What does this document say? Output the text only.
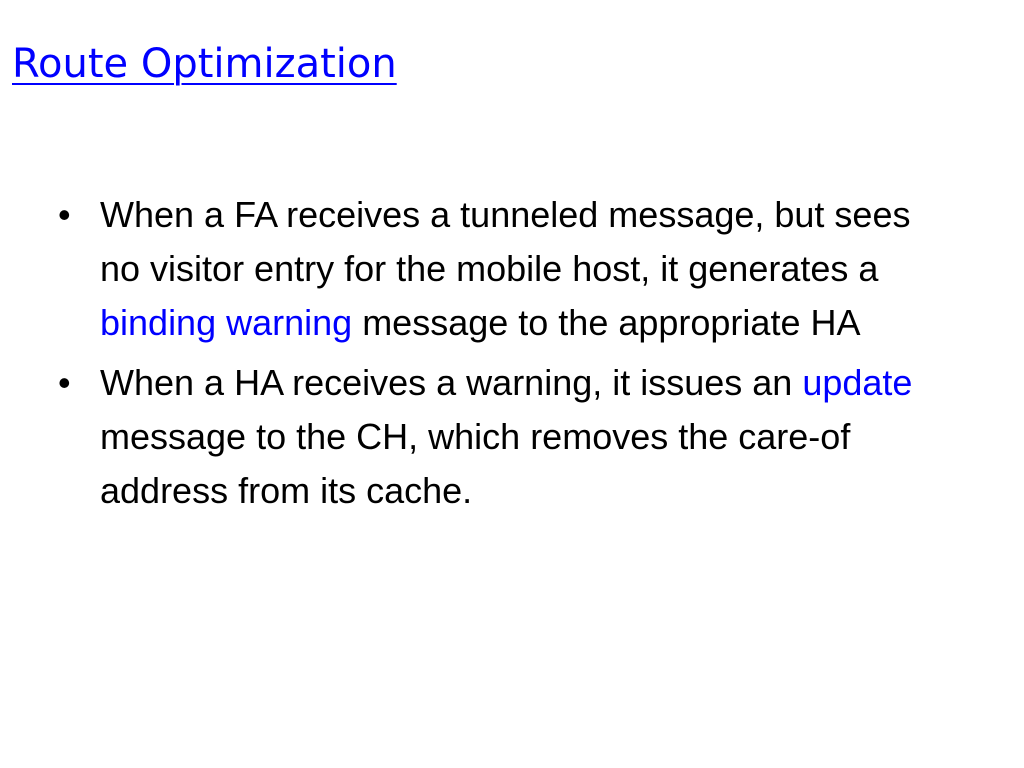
Route Optimization
• When a FA receives a tunneled message, but sees no visitor entry for the mobile host, it generates a binding warning message to the appropriate HA
• When a HA receives a warning, it issues an update message to the CH, which removes the care-of address from its cache.
